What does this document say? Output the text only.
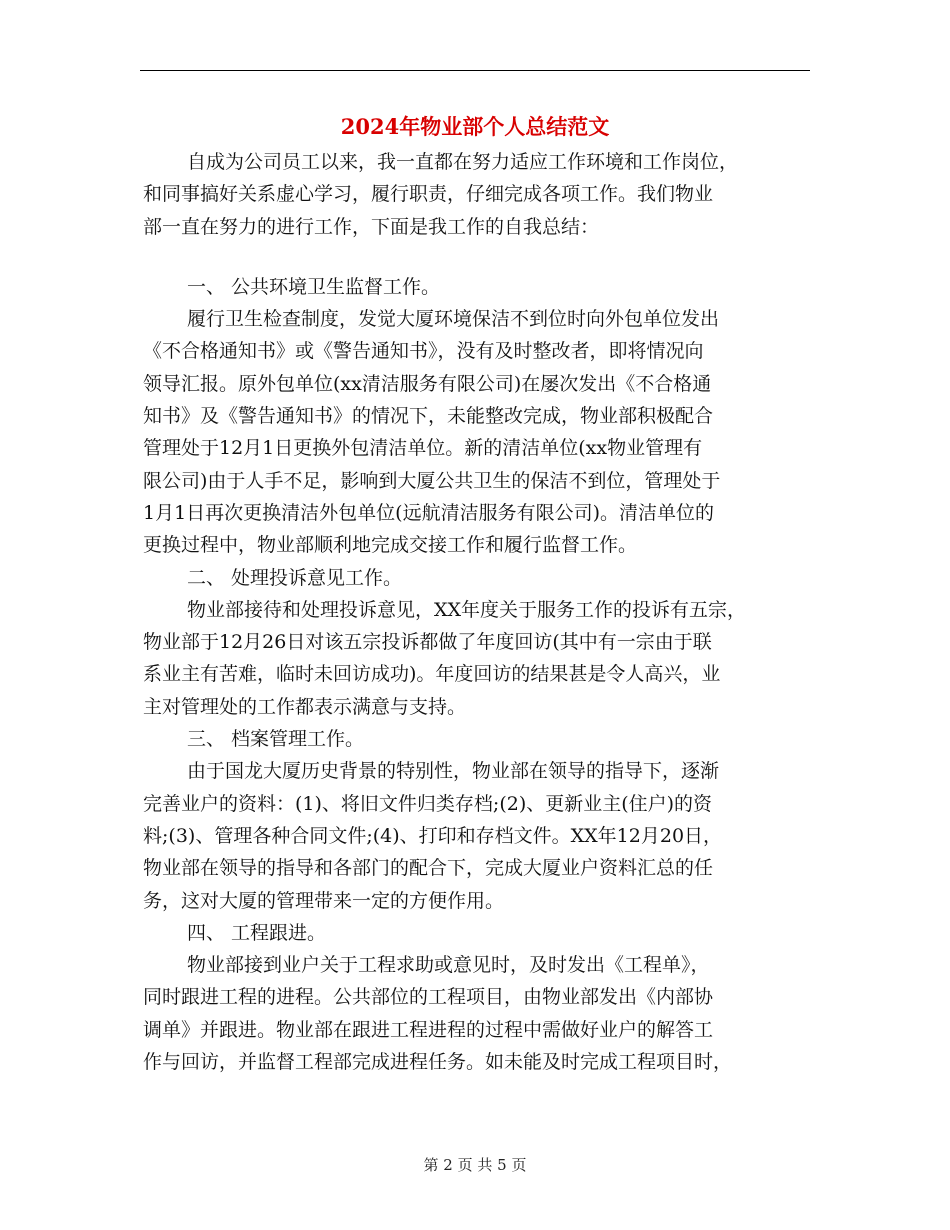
2024年物业部个人总结范文
自成为公司员工以来，我一直都在努力适应工作环境和工作岗位，
和同事搞好关系虚心学习，履行职责，仔细完成各项工作。我们物业
部一直在努力的进行工作，下面是我工作的自我总结：
一、 公共环境卫生监督工作。
履行卫生检查制度，发觉大厦环境保洁不到位时向外包单位发出
《不合格通知书》或《警告通知书》，没有及时整改者，即将情况向
领导汇报。原外包单位(xx清洁服务有限公司)在屡次发出《不合格通
知书》及《警告通知书》的情况下，未能整改完成，物业部积极配合
管理处于12月1日更换外包清洁单位。新的清洁单位(xx物业管理有
限公司)由于人手不足，影响到大厦公共卫生的保洁不到位，管理处于
1月1日再次更换清洁外包单位(远航清洁服务有限公司)。清洁单位的
更换过程中，物业部顺利地完成交接工作和履行监督工作。
二、 处理投诉意见工作。
物业部接待和处理投诉意见，XX年度关于服务工作的投诉有五宗，
物业部于12月26日对该五宗投诉都做了年度回访(其中有一宗由于联
系业主有苦难，临时未回访成功)。年度回访的结果甚是令人高兴，业
主对管理处的工作都表示满意与支持。
三、 档案管理工作。
由于国龙大厦历史背景的特别性，物业部在领导的指导下，逐渐
完善业户的资料：(1)、将旧文件归类存档;(2)、更新业主(住户)的资
料;(3)、管理各种合同文件;(4)、打印和存档文件。XX年12月20日，
物业部在领导的指导和各部门的配合下，完成大厦业户资料汇总的任
务，这对大厦的管理带来一定的方便作用。
四、 工程跟进。
物业部接到业户关于工程求助或意见时，及时发出《工程单》，
同时跟进工程的进程。公共部位的工程项目，由物业部发出《内部协
调单》并跟进。物业部在跟进工程进程的过程中需做好业户的解答工
作与回访，并监督工程部完成进程任务。如未能及时完成工程项目时，
第 2 页 共 5 页
